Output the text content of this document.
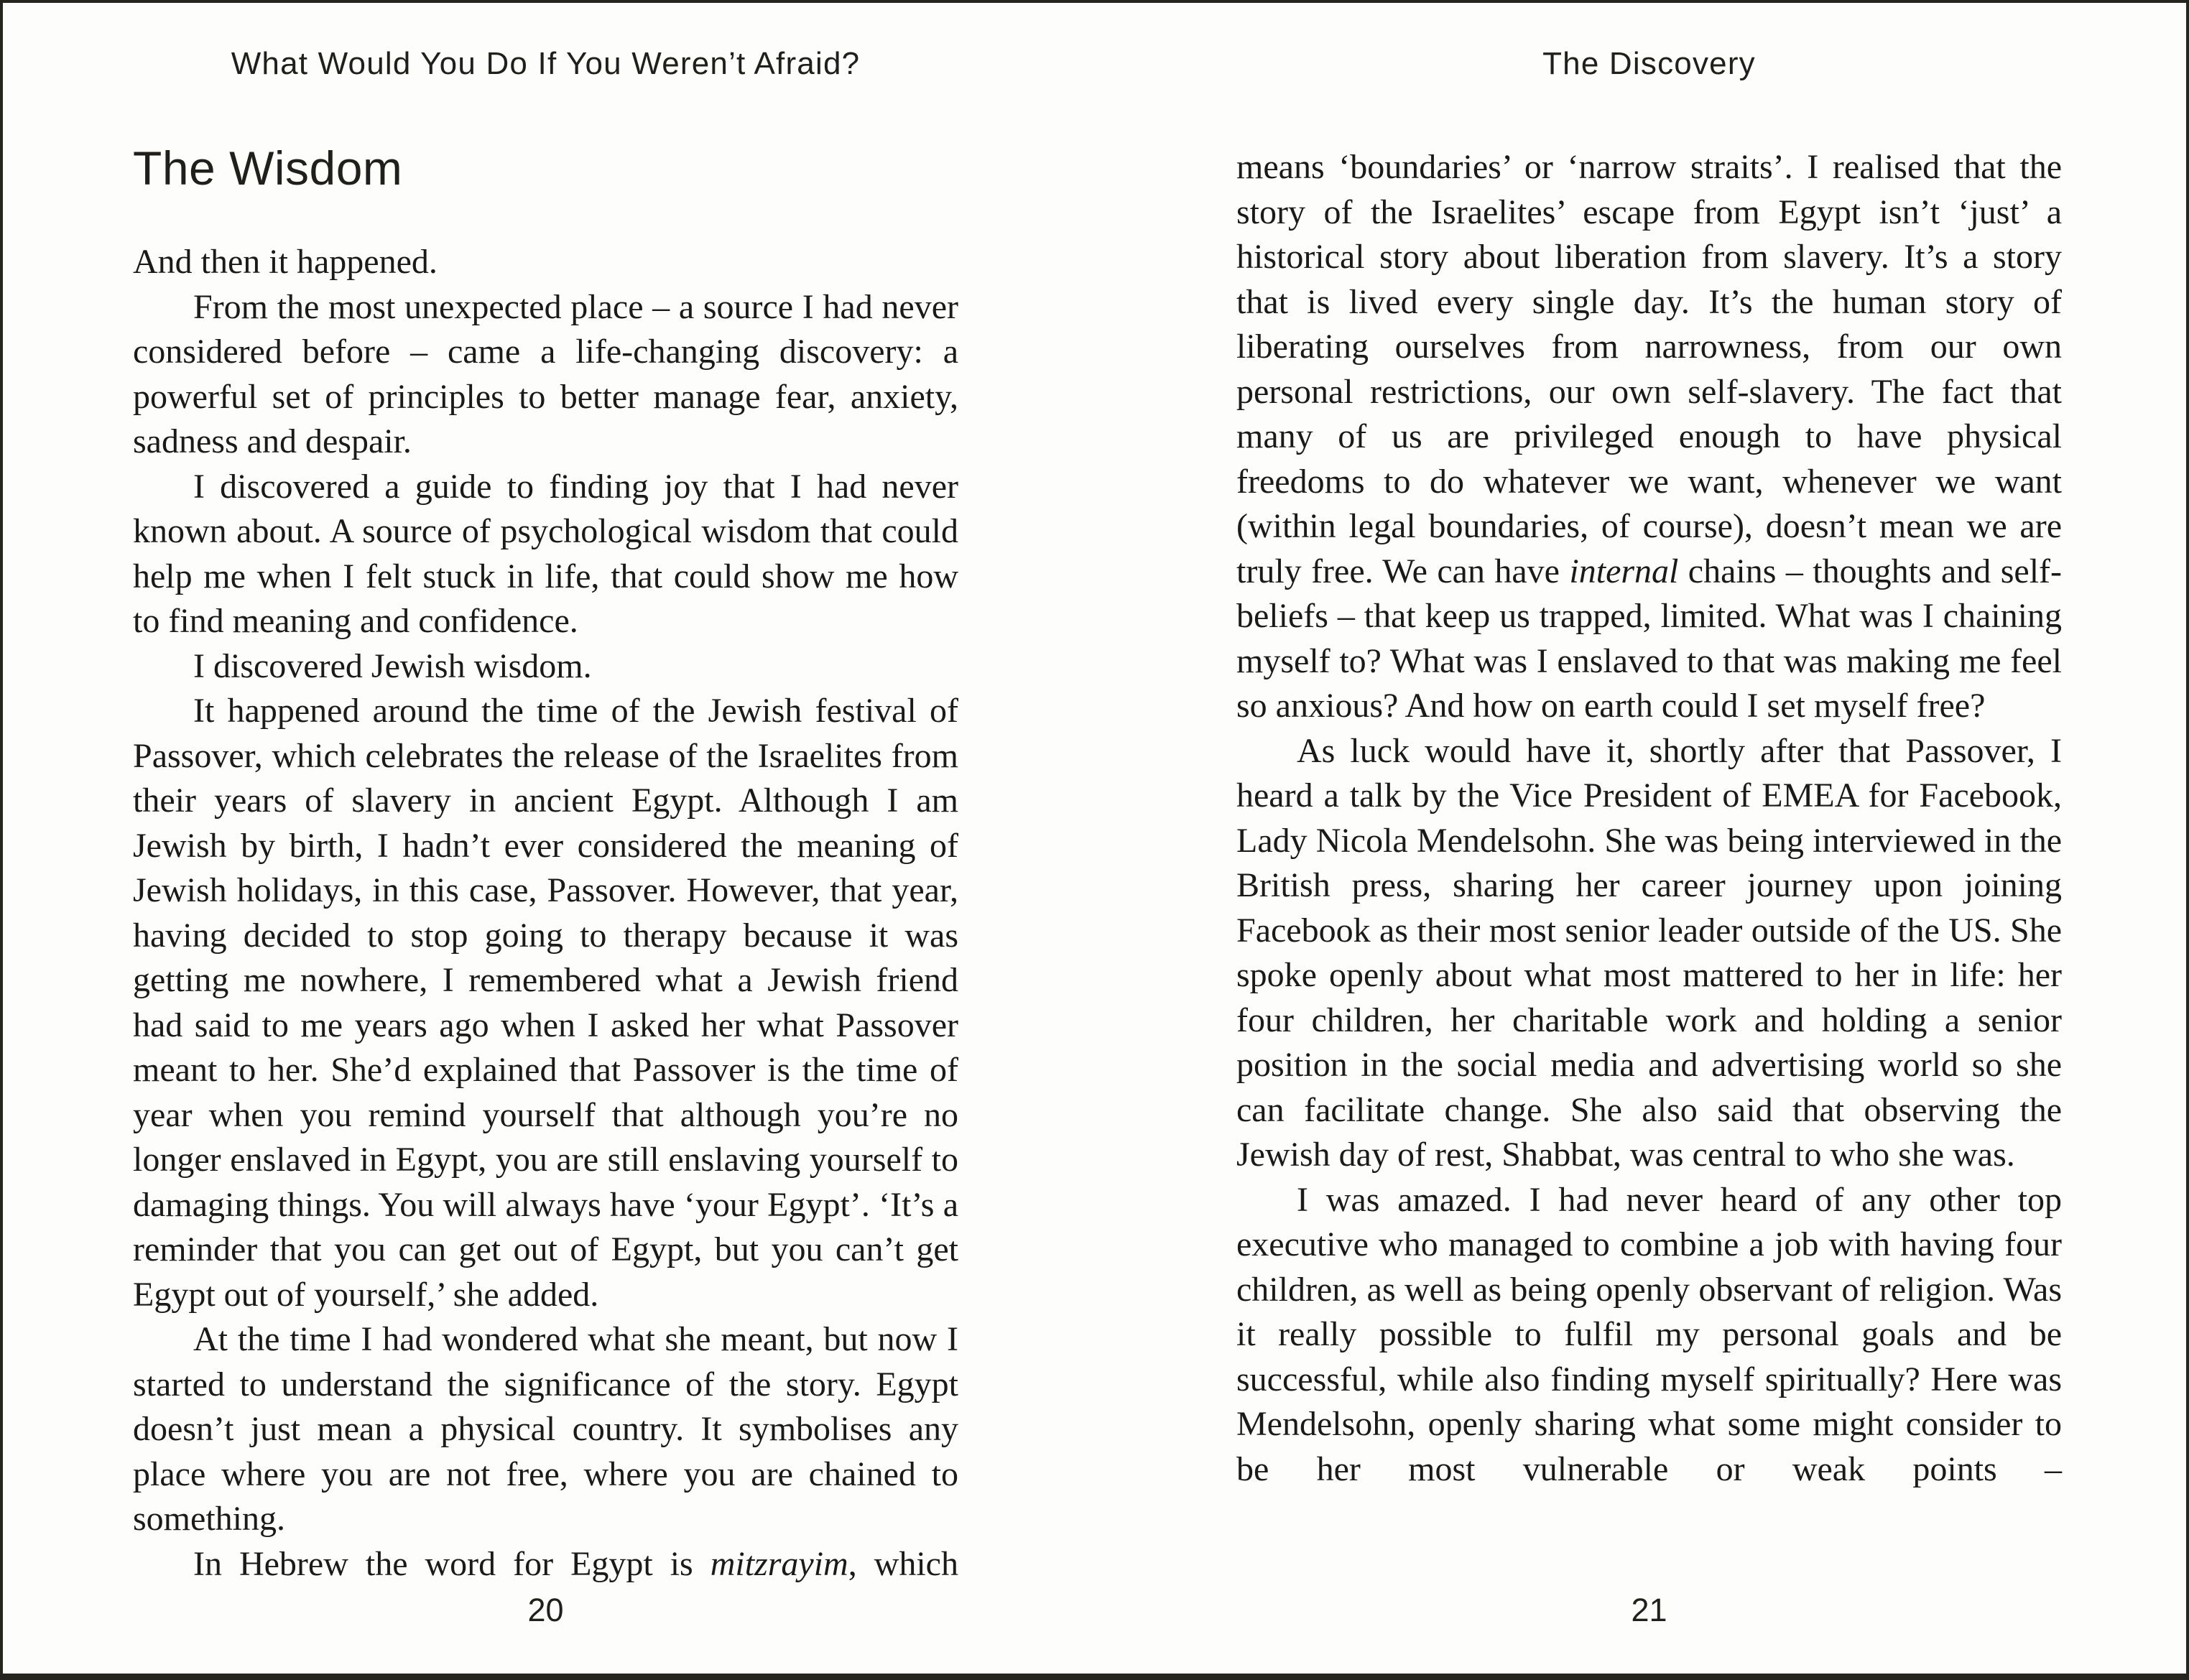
What Would You Do If You Weren’t Afraid?
The Wisdom

And then it happened.

From the most unexpected place – a source I had never considered before – came a life-changing discovery: a powerful set of principles to better manage fear, anxiety, sadness and despair.

I discovered a guide to finding joy that I had never known about. A source of psychological wisdom that could help me when I felt stuck in life, that could show me how to find meaning and confidence.

I discovered Jewish wisdom.

It happened around the time of the Jewish festival of Passover, which celebrates the release of the Israelites from their years of slavery in ancient Egypt. Although I am Jewish by birth, I hadn’t ever considered the meaning of Jewish holidays, in this case, Passover. However, that year, having decided to stop going to therapy because it was getting me nowhere, I remembered what a Jewish friend had said to me years ago when I asked her what Passover meant to her. She’d explained that Passover is the time of year when you remind yourself that although you’re no longer enslaved in Egypt, you are still enslaving yourself to damaging things. You will always have ‘your Egypt’. ‘It’s a reminder that you can get out of Egypt, but you can’t get Egypt out of yourself,’ she added.

At the time I had wondered what she meant, but now I started to understand the significance of the story. Egypt doesn’t just mean a physical country. It symbolises any place where you are not free, where you are chained to something.

In Hebrew the word for Egypt is mitzrayim, which

20
The Discovery

means ‘boundaries’ or ‘narrow straits’. I realised that the story of the Israelites’ escape from Egypt isn’t ‘just’ a historical story about liberation from slavery. It’s a story that is lived every single day. It’s the human story of liberating ourselves from narrowness, from our own personal restrictions, our own self-slavery. The fact that many of us are privileged enough to have physical freedoms to do whatever we want, whenever we want (within legal boundaries, of course), doesn’t mean we are truly free. We can have internal chains – thoughts and self-beliefs – that keep us trapped, limited. What was I chaining myself to? What was I enslaved to that was making me feel so anxious? And how on earth could I set myself free?

As luck would have it, shortly after that Passover, I heard a talk by the Vice President of EMEA for Facebook, Lady Nicola Mendelsohn. She was being interviewed in the British press, sharing her career journey upon joining Facebook as their most senior leader outside of the US. She spoke openly about what most mattered to her in life: her four children, her charitable work and holding a senior position in the social media and advertising world so she can facilitate change. She also said that observing the Jewish day of rest, Shabbat, was central to who she was.

I was amazed. I had never heard of any other top executive who managed to combine a job with having four children, as well as being openly observant of religion. Was it really possible to fulfil my personal goals and be successful, while also finding myself spiritually? Here was Mendelsohn, openly sharing what some might consider to be her most vulnerable or weak points –

21
